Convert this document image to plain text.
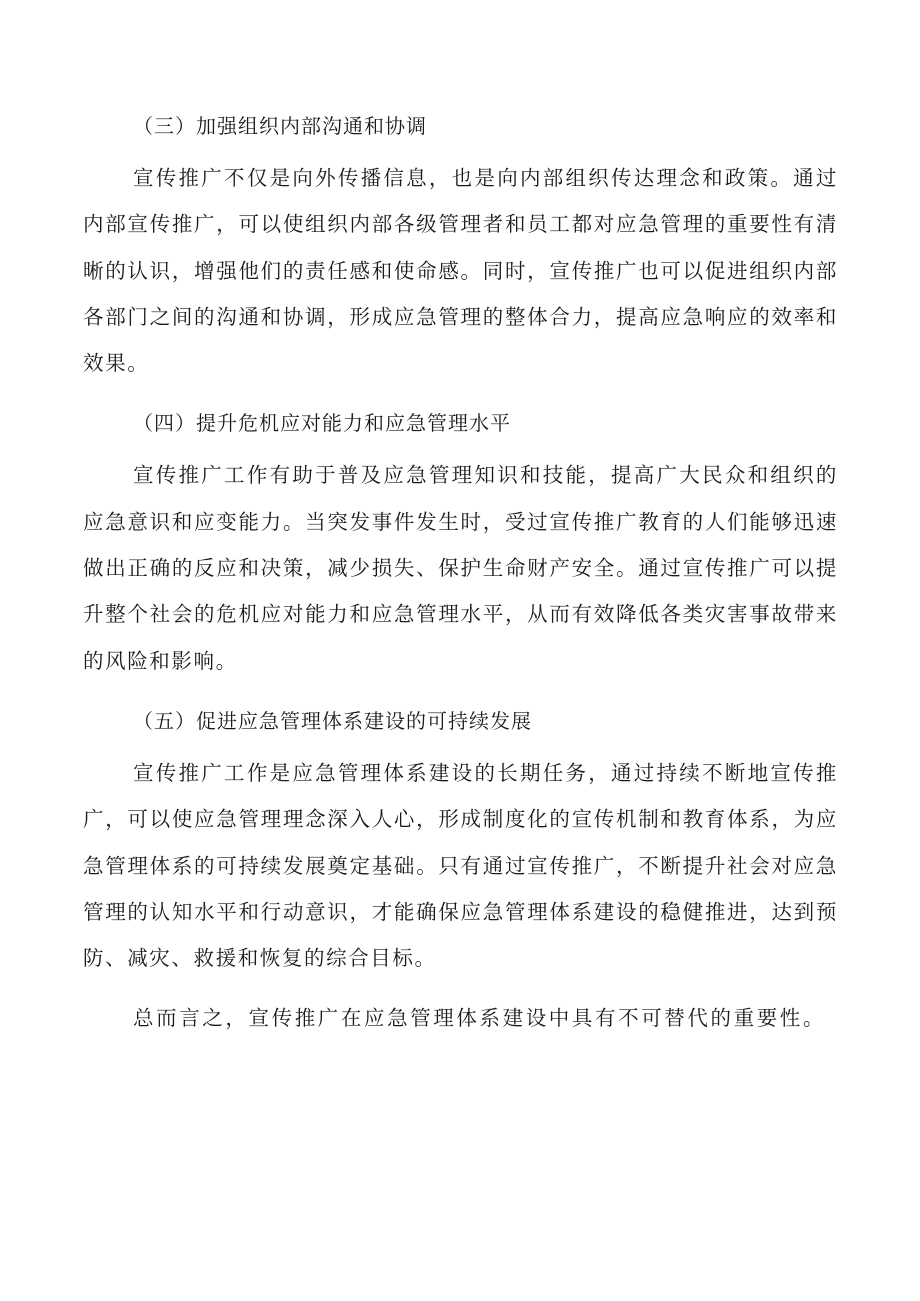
（三）加强组织内部沟通和协调

宣传推广不仅是向外传播信息，也是向内部组织传达理念和政策。通过内部宣传推广，可以使组织内部各级管理者和员工都对应急管理的重要性有清晰的认识，增强他们的责任感和使命感。同时，宣传推广也可以促进组织内部各部门之间的沟通和协调，形成应急管理的整体合力，提高应急响应的效率和效果。

（四）提升危机应对能力和应急管理水平

宣传推广工作有助于普及应急管理知识和技能，提高广大民众和组织的应急意识和应变能力。当突发事件发生时，受过宣传推广教育的人们能够迅速做出正确的反应和决策，减少损失、保护生命财产安全。通过宣传推广可以提升整个社会的危机应对能力和应急管理水平，从而有效降低各类灾害事故带来的风险和影响。

（五）促进应急管理体系建设的可持续发展

宣传推广工作是应急管理体系建设的长期任务，通过持续不断地宣传推广，可以使应急管理理念深入人心，形成制度化的宣传机制和教育体系，为应急管理体系的可持续发展奠定基础。只有通过宣传推广，不断提升社会对应急管理的认知水平和行动意识，才能确保应急管理体系建设的稳健推进，达到预防、减灾、救援和恢复的综合目标。

总而言之，宣传推广在应急管理体系建设中具有不可替代的重要性。
